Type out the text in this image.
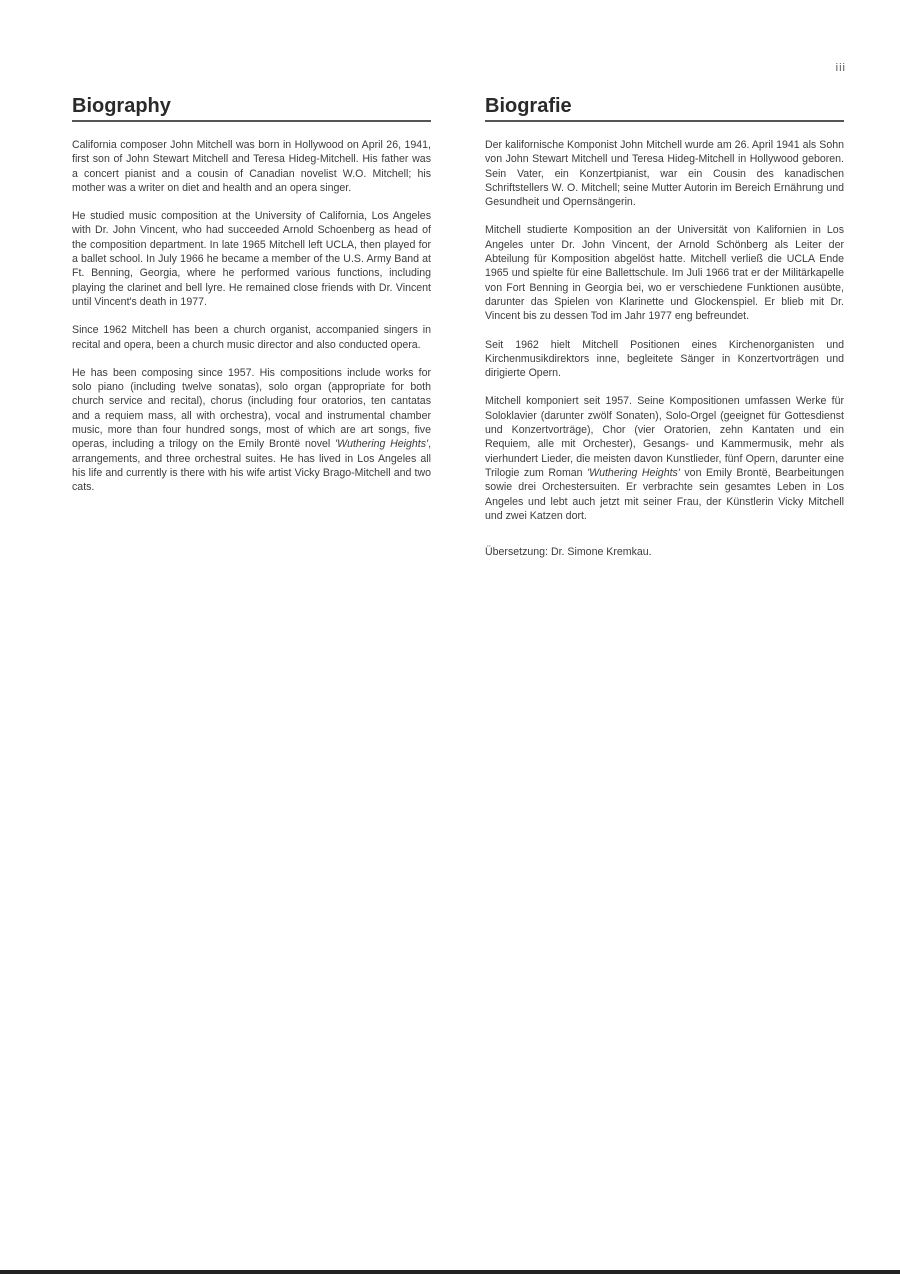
iii
Biography

California composer John Mitchell was born in Hollywood on April 26, 1941, first son of John Stewart Mitchell and Teresa Hideg-Mitchell. His father was a concert pianist and a cousin of Canadian novelist W.O. Mitchell; his mother was a writer on diet and health and an opera singer.

He studied music composition at the University of California, Los Angeles with Dr. John Vincent, who had succeeded Arnold Schoenberg as head of the composition department. In late 1965 Mitchell left UCLA, then played for a ballet school. In July 1966 he became a member of the U.S. Army Band at Ft. Benning, Georgia, where he performed various functions, including playing the clarinet and bell lyre. He remained close friends with Dr. Vincent until Vincent's death in 1977.

Since 1962 Mitchell has been a church organist, accompanied singers in recital and opera, been a church music director and also conducted opera.

He has been composing since 1957. His compositions include works for solo piano (including twelve sonatas), solo organ (appropriate for both church service and recital), chorus (including four oratorios, ten cantatas and a requiem mass, all with orchestra), vocal and instrumental chamber music, more than four hundred songs, most of which are art songs, five operas, including a trilogy on the Emily Brontë novel 'Wuthering Heights', arrangements, and three orchestral suites. He has lived in Los Angeles all his life and currently is there with his wife artist Vicky Brago-Mitchell and two cats.

Biografie

Der kalifornische Komponist John Mitchell wurde am 26. April 1941 als Sohn von John Stewart Mitchell und Teresa Hideg-Mitchell in Hollywood geboren. Sein Vater, ein Konzertpianist, war ein Cousin des kanadischen Schriftstellers W. O. Mitchell; seine Mutter Autorin im Bereich Ernährung und Gesundheit und Opernsängerin.

Mitchell studierte Komposition an der Universität von Kalifornien in Los Angeles unter Dr. John Vincent, der Arnold Schönberg als Leiter der Abteilung für Komposition abgelöst hatte. Mitchell verließ die UCLA Ende 1965 und spielte für eine Ballettschule. Im Juli 1966 trat er der Militärkapelle von Fort Benning in Georgia bei, wo er verschiedene Funktionen ausübte, darunter das Spielen von Klarinette und Glockenspiel. Er blieb mit Dr. Vincent bis zu dessen Tod im Jahr 1977 eng befreundet.

Seit 1962 hielt Mitchell Positionen eines Kirchenorganisten und Kirchenmusikdirektors inne, begleitete Sänger in Konzertvorträgen und dirigierte Opern.

Mitchell komponiert seit 1957. Seine Kompositionen umfassen Werke für Soloklavier (darunter zwölf Sonaten), Solo-Orgel (geeignet für Gottesdienst und Konzertvorträge), Chor (vier Oratorien, zehn Kantaten und ein Requiem, alle mit Orchester), Gesangs- und Kammermusik, mehr als vierhundert Lieder, die meisten davon Kunstlieder, fünf Opern, darunter eine Trilogie zum Roman 'Wuthering Heights' von Emily Brontë, Bearbeitungen sowie drei Orchestersuiten. Er verbrachte sein gesamtes Leben in Los Angeles und lebt auch jetzt mit seiner Frau, der Künstlerin Vicky Mitchell und zwei Katzen dort.

Übersetzung: Dr. Simone Kremkau.
